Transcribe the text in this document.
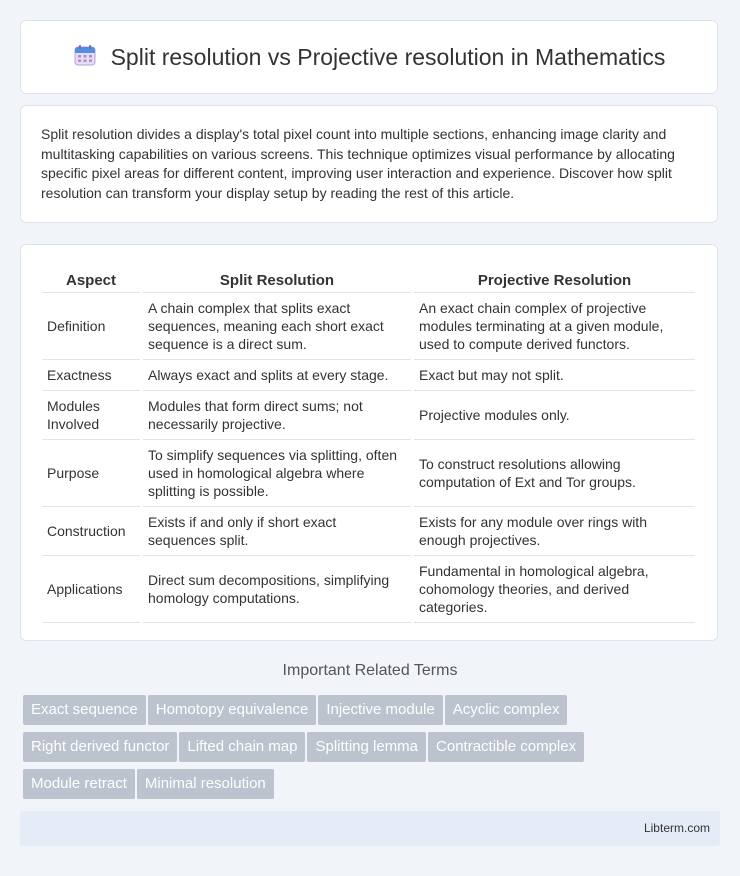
Split resolution vs Projective resolution in Mathematics
Split resolution divides a display's total pixel count into multiple sections, enhancing image clarity and multitasking capabilities on various screens. This technique optimizes visual performance by allocating specific pixel areas for different content, improving user interaction and experience. Discover how split resolution can transform your display setup by reading the rest of this article.
Aspect	Split Resolution	Projective Resolution
Definition	A chain complex that splits exact sequences, meaning each short exact sequence is a direct sum.	An exact chain complex of projective modules terminating at a given module, used to compute derived functors.
Exactness	Always exact and splits at every stage.	Exact but may not split.
Modules Involved	Modules that form direct sums; not necessarily projective.	Projective modules only.
Purpose	To simplify sequences via splitting, often used in homological algebra where splitting is possible.	To construct resolutions allowing computation of Ext and Tor groups.
Construction	Exists if and only if short exact sequences split.	Exists for any module over rings with enough projectives.
Applications	Direct sum decompositions, simplifying homology computations.	Fundamental in homological algebra, cohomology theories, and derived categories.
Important Related Terms
Exact sequence Homotopy equivalence Injective module Acyclic complex
Right derived functor Lifted chain map Splitting lemma Contractible complex
Module retract Minimal resolution
Libterm.com
